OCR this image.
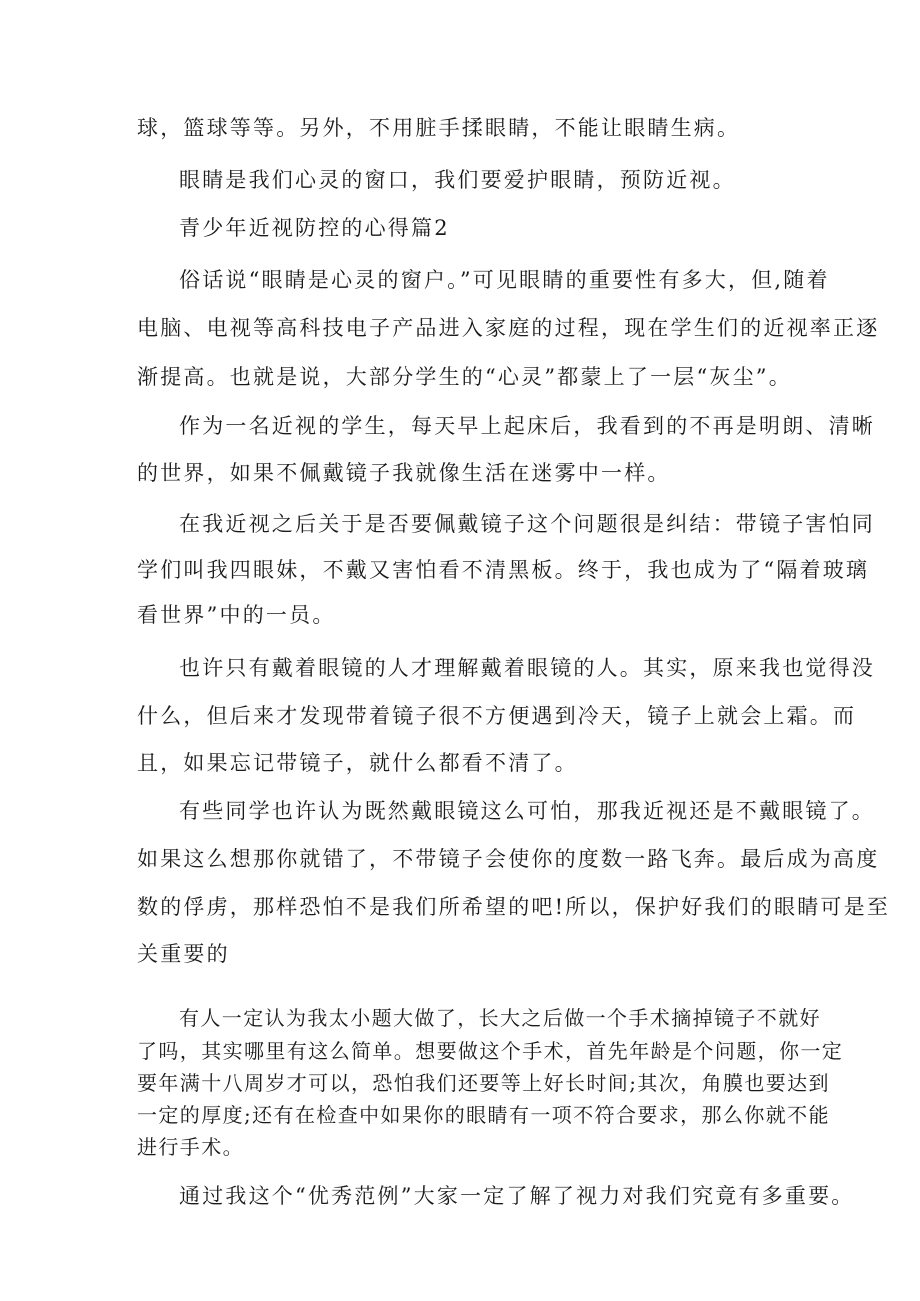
球，篮球等等。另外，不用脏手揉眼睛，不能让眼睛生病。
眼睛是我们心灵的窗口，我们要爱护眼睛，预防近视。
青少年近视防控的心得篇2
俗话说“眼睛是心灵的窗户。”可见眼睛的重要性有多大，但,随着
电脑、电视等高科技电子产品进入家庭的过程，现在学生们的近视率正逐
渐提高。也就是说，大部分学生的“心灵”都蒙上了一层“灰尘”。
作为一名近视的学生，每天早上起床后，我看到的不再是明朗、清晰
的世界，如果不佩戴镜子我就像生活在迷雾中一样。
在我近视之后关于是否要佩戴镜子这个问题很是纠结：带镜子害怕同
学们叫我四眼妹，不戴又害怕看不清黑板。终于，我也成为了“隔着玻璃
看世界”中的一员。
也许只有戴着眼镜的人才理解戴着眼镜的人。其实，原来我也觉得没
什么，但后来才发现带着镜子很不方便遇到冷天，镜子上就会上霜。而
且，如果忘记带镜子，就什么都看不清了。
有些同学也许认为既然戴眼镜这么可怕，那我近视还是不戴眼镜了。
如果这么想那你就错了，不带镜子会使你的度数一路飞奔。最后成为高度
数的俘虏，那样恐怕不是我们所希望的吧!所以，保护好我们的眼睛可是至
关重要的
有人一定认为我太小题大做了，长大之后做一个手术摘掉镜子不就好
了吗，其实哪里有这么简单。想要做这个手术，首先年龄是个问题，你一定
要年满十八周岁才可以，恐怕我们还要等上好长时间;其次，角膜也要达到
一定的厚度;还有在检查中如果你的眼睛有一项不符合要求，那么你就不能
进行手术。
通过我这个“优秀范例”大家一定了解了视力对我们究竟有多重要。
